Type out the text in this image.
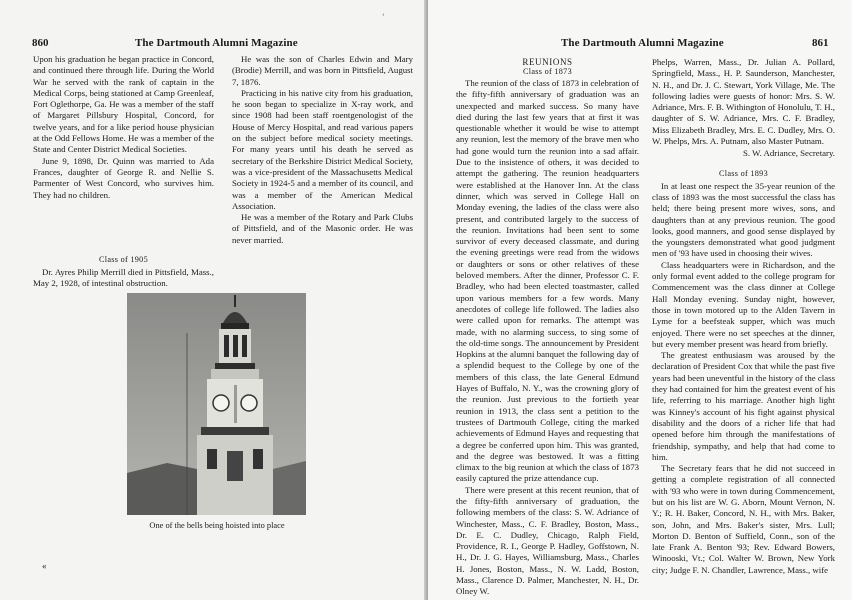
‘
860	The Dartmouth Alumni Magazine

Upon his graduation he began practice in Concord, and continued there through life. During the World War he served with the rank of captain in the Medical Corps, being stationed at Camp Greenleaf, Fort Oglethorpe, Ga. He was a member of the staff of Margaret Pillsbury Hospital, Concord, for twelve years, and for a like period house physician at the Odd Fellows Home. He was a member of the State and Center District Medical Societies.

June 9, 1898, Dr. Quinn was married to Ada Frances, daughter of George R. and Nellie S. Parmenter of West Concord, who survives him. They had no children.

He was the son of Charles Edwin and Mary (Brodie) Merrill, and was born in Pittsfield, August 7, 1876.

Practicing in his native city from his graduation, he soon began to specialize in X-ray work, and since 1908 had been staff roentgenologist of the House of Mercy Hospital, and read various papers on the subject before medical society meetings. For many years until his death he served as secretary of the Berkshire District Medical Society, was a vice-president of the Massachusetts Medical Society in 1924-5 and a member of its council, and was a member of the American Medical Association.

He was a member of the Rotary and Park Clubs of Pittsfield, and of the Masonic order. He was never married.

Class of 1905

Dr. Ayres Philip Merrill died in Pittsfield, Mass., May 2, 1928, of intestinal obstruction.

One of the bells being hoisted into place
«
The Dartmouth Alumni Magazine	861
REUNIONS
Class of 1873

The reunion of the class of 1873 in celebration of the fifty-fifth anniversary of graduation was an unexpected and marked success. So many have died during the last few years that at first it was questionable whether it would be wise to attempt any reunion, lest the memory of the brave men who had gone would turn the reunion into a sad affair. Due to the insistence of others, it was decided to attempt the gathering. The reunion headquarters were established at the Hanover Inn. At the class dinner, which was served in College Hall on Monday evening, the ladies of the class were also present, and contributed largely to the success of the reunion. Invitations had been sent to some survivor of every deceased classmate, and during the evening greetings were read from the widows or daughters or sons or other relatives of these beloved members. After the dinner, Professor C. F. Bradley, who had been elected toastmaster, called upon various members for a few words. Many anecdotes of college life followed. The ladies also were called upon for remarks. The attempt was made, with no alarming success, to sing some of the old-time songs. The announcement by President Hopkins at the alumni banquet the following day of a splendid bequest to the College by one of the members of this class, the late General Edmund Hayes of Buffalo, N. Y., was the crowning glory of the reunion. Just previous to the fortieth year reunion in 1913, the class sent a petition to the trustees of Dartmouth College, citing the marked achievements of Edmund Hayes and requesting that a degree be conferred upon him. This was granted, and the degree was bestowed. It was a fitting climax to the big reunion at which the class of 1873 easily captured the prize attendance cup.

There were present at this recent reunion, that of the fifty-fifth anniversary of graduation, the following members of the class: S. W. Adriance of Winchester, Mass., C. F. Bradley, Boston, Mass., Dr. E. C. Dudley, Chicago, Ralph Field, Providence, R. I., George P. Hadley, Goffstown, N. H., Dr. J. G. Hayes, Williamsburg, Mass., Charles H. Jones, Boston, Mass., N. W. Ladd, Boston, Mass., Clarence D. Palmer, Manchester, N. H., Dr. Olney W.

Phelps, Warren, Mass., Dr. Julian A. Pollard, Springfield, Mass., H. P. Saunderson, Manchester, N. H., and Dr. J. C. Stewart, York Village, Me. The following ladies were guests of honor: Mrs. S. W. Adriance, Mrs. F. B. Withington of Honolulu, T. H., daughter of S. W. Adriance, Mrs. C. F. Bradley, Miss Elizabeth Bradley, Mrs. E. C. Dudley, Mrs. O. W. Phelps, Mrs. A. Putnam, also Master Putnam.

S. W. Adriance, Secretary.

Class of 1893

In at least one respect the 35-year reunion of the class of 1893 was the most successful the class has held; there being present more wives, sons, and daughters than at any previous reunion. The good looks, good manners, and good sense displayed by the youngsters demonstrated what good judgment men of '93 have used in choosing their wives.

Class headquarters were in Richardson, and the only formal event added to the college program for Commencement was the class dinner at College Hall Monday evening. Sunday night, however, those in town motored up to the Alden Tavern in Lyme for a beefsteak supper, which was much enjoyed. There were no set speeches at the dinner, but every member present was heard from briefly.

The greatest enthusiasm was aroused by the declaration of President Cox that while the past five years had been uneventful in the history of the class they had contained for him the greatest event of his life, referring to his marriage. Another high light was Kinney's account of his fight against physical disability and the doors of a richer life that had opened before him through the manifestations of friendship, sympathy, and help that had come to him.

The Secretary fears that he did not succeed in getting a complete registration of all connected with '93 who were in town during Commencement, but on his list are W. G. Aborn, Mount Vernon, N. Y.; R. H. Baker, Concord, N. H., with Mrs. Baker, son, John, and Mrs. Baker's sister, Mrs. Lull; Morton D. Benton of Suffield, Conn., son of the late Frank A. Benton '93; Rev. Edward Bowers, Winooski, Vt.; Col. Walter W. Brown, New York city; Judge F. N. Chandler, Lawrence, Mass., wife
